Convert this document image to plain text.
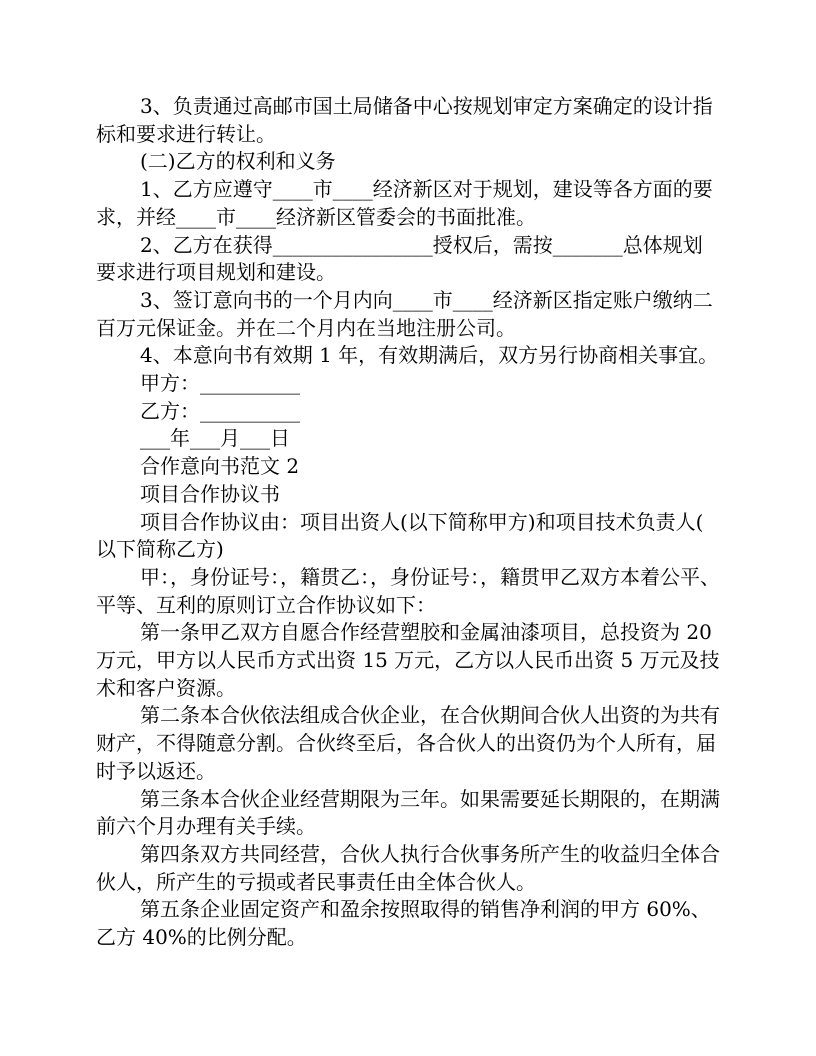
3、负责通过高邮市国土局储备中心按规划审定方案确定的设计指标和要求进行转让。

(二)乙方的权利和义务

1、乙方应遵守____市____经济新区对于规划，建设等各方面的要求，并经____市____经济新区管委会的书面批准。

2、乙方在获得________________授权后，需按_______总体规划要求进行项目规划和建设。

3、签订意向书的一个月内向____市____经济新区指定账户缴纳二百万元保证金。并在二个月内在当地注册公司。

4、本意向书有效期 1 年，有效期满后，双方另行协商相关事宜。

甲方：__________

乙方：__________

___年___月___日

合作意向书范文 2

项目合作协议书

项目合作协议由：项目出资人(以下简称甲方)和项目技术负责人(以下简称乙方)

甲：，身份证号：，籍贯乙：，身份证号：，籍贯甲乙双方本着公平、平等、互利的原则订立合作协议如下：

第一条甲乙双方自愿合作经营塑胶和金属油漆项目，总投资为 20 万元，甲方以人民币方式出资 15 万元，乙方以人民币出资 5 万元及技术和客户资源。

第二条本合伙依法组成合伙企业，在合伙期间合伙人出资的为共有财产，不得随意分割。合伙终至后，各合伙人的出资仍为个人所有，届时予以返还。

第三条本合伙企业经营期限为三年。如果需要延长期限的，在期满前六个月办理有关手续。

第四条双方共同经营，合伙人执行合伙事务所产生的收益归全体合伙人，所产生的亏损或者民事责任由全体合伙人。

第五条企业固定资产和盈余按照取得的销售净利润的甲方 60%、乙方 40%的比例分配。
